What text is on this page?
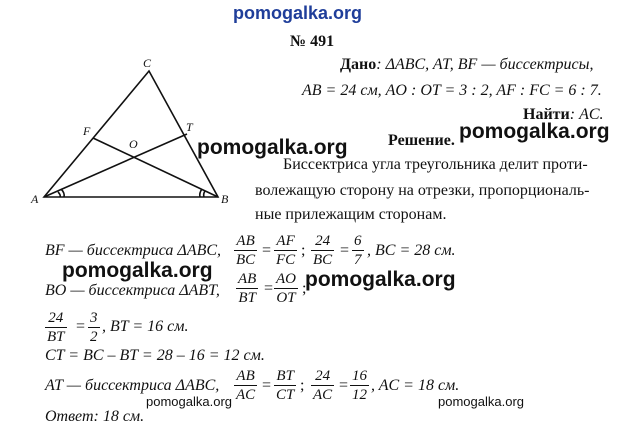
pomogalka.org
№ 491
C
F	T
O
A	B
Дано: ΔABC, AT, BF — биссектрисы,
AB = 24 см, AO : OT = 3 : 2, AF : FC = 6 : 7.
Найти: AC.
Решение. pomogalka.org
pomogalka.org
Биссектриса угла треугольника делит проти-
волежащую сторону на отрезки, пропорциональ-
ные прилежащим сторонам.
BF — биссектриса ΔABC, $\frac{AB}{BC} = \frac{AF}{FC}$ ; $\frac{24}{BC} = \frac{6}{7}$ , BC = 28 см.
pomogalka.org
BO — биссектриса ΔABT, $\frac{AB}{BT} = \frac{AO}{OT}$ ;
pomogalka.org
$\frac{24}{BT} = \frac{3}{2}$ , BT = 16 см.
CT = BC – BT = 28 – 16 = 12 см.
AT — биссектриса ΔABC, $\frac{AB}{AC} = \frac{BT}{CT}$ ; $\frac{24}{AC} = \frac{16}{12}$ , AC = 18 см.
pomogalka.org	pomogalka.org
Ответ: 18 см.
